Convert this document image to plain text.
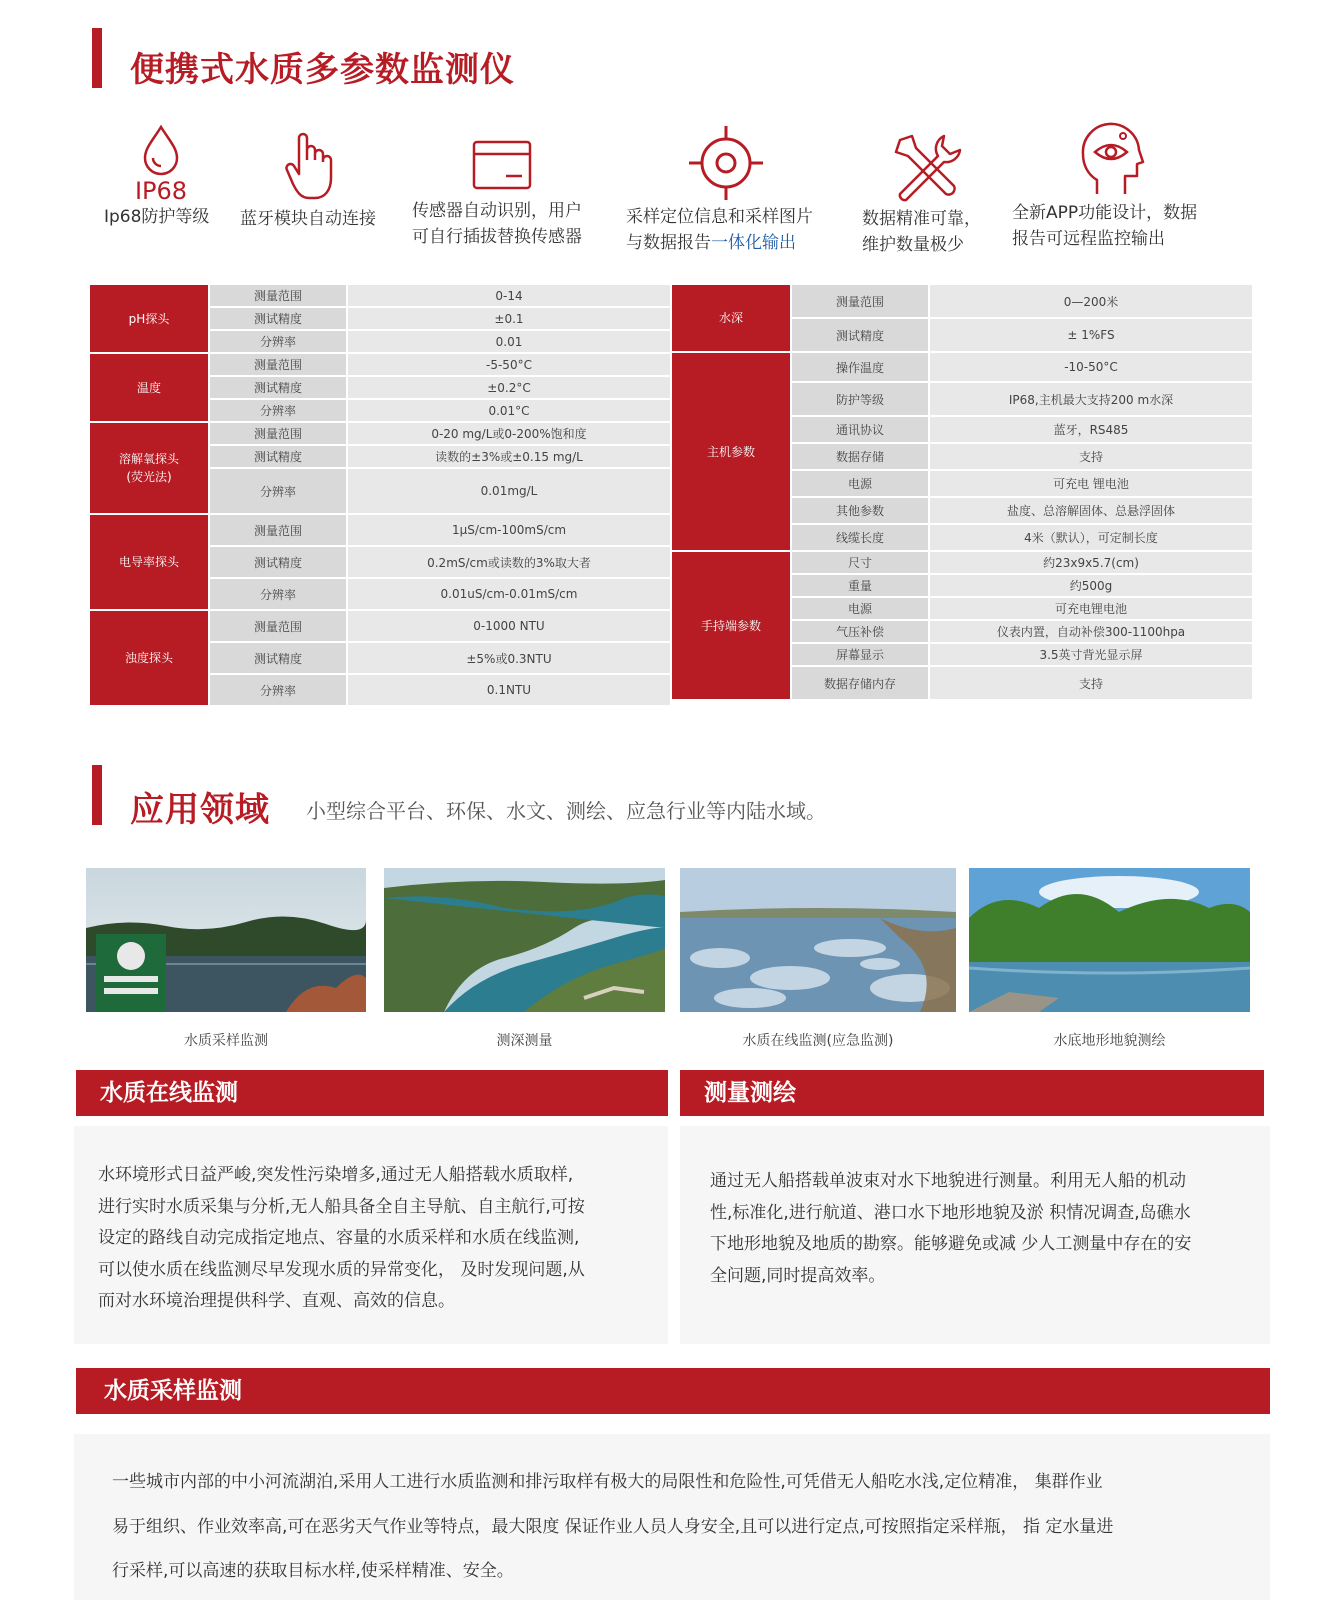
便携式水质多参数监测仪
IP68
Ip68防护等级	蓝牙模块自动连接 传感器自动识别，用户
可自行插拔替换传感器
采样定位信息和采样图片
与数据报告一体化输出
数据精准可靠，
维护数量极少
全新APP功能设计，数据
报告可远程监控输出
pH探头	测量范围	0-14
	测试精度	±0.1
	分辨率	0.01
温度	测量范围	-5-50°C
	测试精度	±0.2°C
	分辨率	0.01°C
溶解氧探头
(荧光法)	测量范围	0-20 mg/L或0-200%饱和度
	测试精度	读数的±3%或±0.15 mg/L
	分辨率	0.01mg/L
电导率探头	测量范围	1μS/cm-100mS/cm
	测试精度	0.2mS/cm或读数的3%取大者
	分辨率	0.01uS/cm-0.01mS/cm
浊度探头	测量范围	0-1000 NTU
	测试精度	±5%或0.3NTU
	分辨率	0.1NTU
水深	测量范围	0—200米
	测试精度	± 1%FS
主机参数	操作温度	-10-50°C
	防护等级	IP68,主机最大支持200 m水深
	通讯协议	蓝牙，RS485
	数据存储	支持
	电源	可充电 锂电池
	其他参数	盐度、总溶解固体、总悬浮固体
	线缆长度	4米（默认），可定制长度
手持端参数	尺寸	约23x9x5.7(cm)
	重量	约500g
	电源	可充电锂电池
	气压补偿	仪表内置，自动补偿300-1100hpa
	屏幕显示	3.5英寸背光显示屏
	数据存储内存	支持
应用领域 小型综合平台、环保、水文、测绘、应急行业等内陆水域。
水质采样监测	测深测量	水质在线监测(应急监测)	水底地形地貌测绘
水质在线监测
水环境形式日益严峻,突发性污染增多,通过无人船搭载水质取样,
进行实时水质采集与分析,无人船具备全自主导航、自主航行,可按
设定的路线自动完成指定地点、容量的水质采样和水质在线监测,
可以使水质在线监测尽早发现水质的异常变化， 及时发现问题,从
而对水环境治理提供科学、直观、高效的信息。
测量测绘
通过无人船搭载单波束对水下地貌进行测量。利用无人船的机动
性,标准化,进行航道、港口水下地形地貌及淤 积情况调查,岛礁水
下地形地貌及地质的勘察。能够避免或减 少人工测量中存在的安
全问题,同时提高效率。
水质采样监测
一些城市内部的中小河流湖泊,采用人工进行水质监测和排污取样有极大的局限性和危险性,可凭借无人船吃水浅,定位精准， 集群作业
易于组织、作业效率高,可在恶劣天气作业等特点，最大限度 保证作业人员人身安全,且可以进行定点,可按照指定采样瓶， 指 定水量进
行采样,可以高速的获取目标水样,使采样精准、安全。
